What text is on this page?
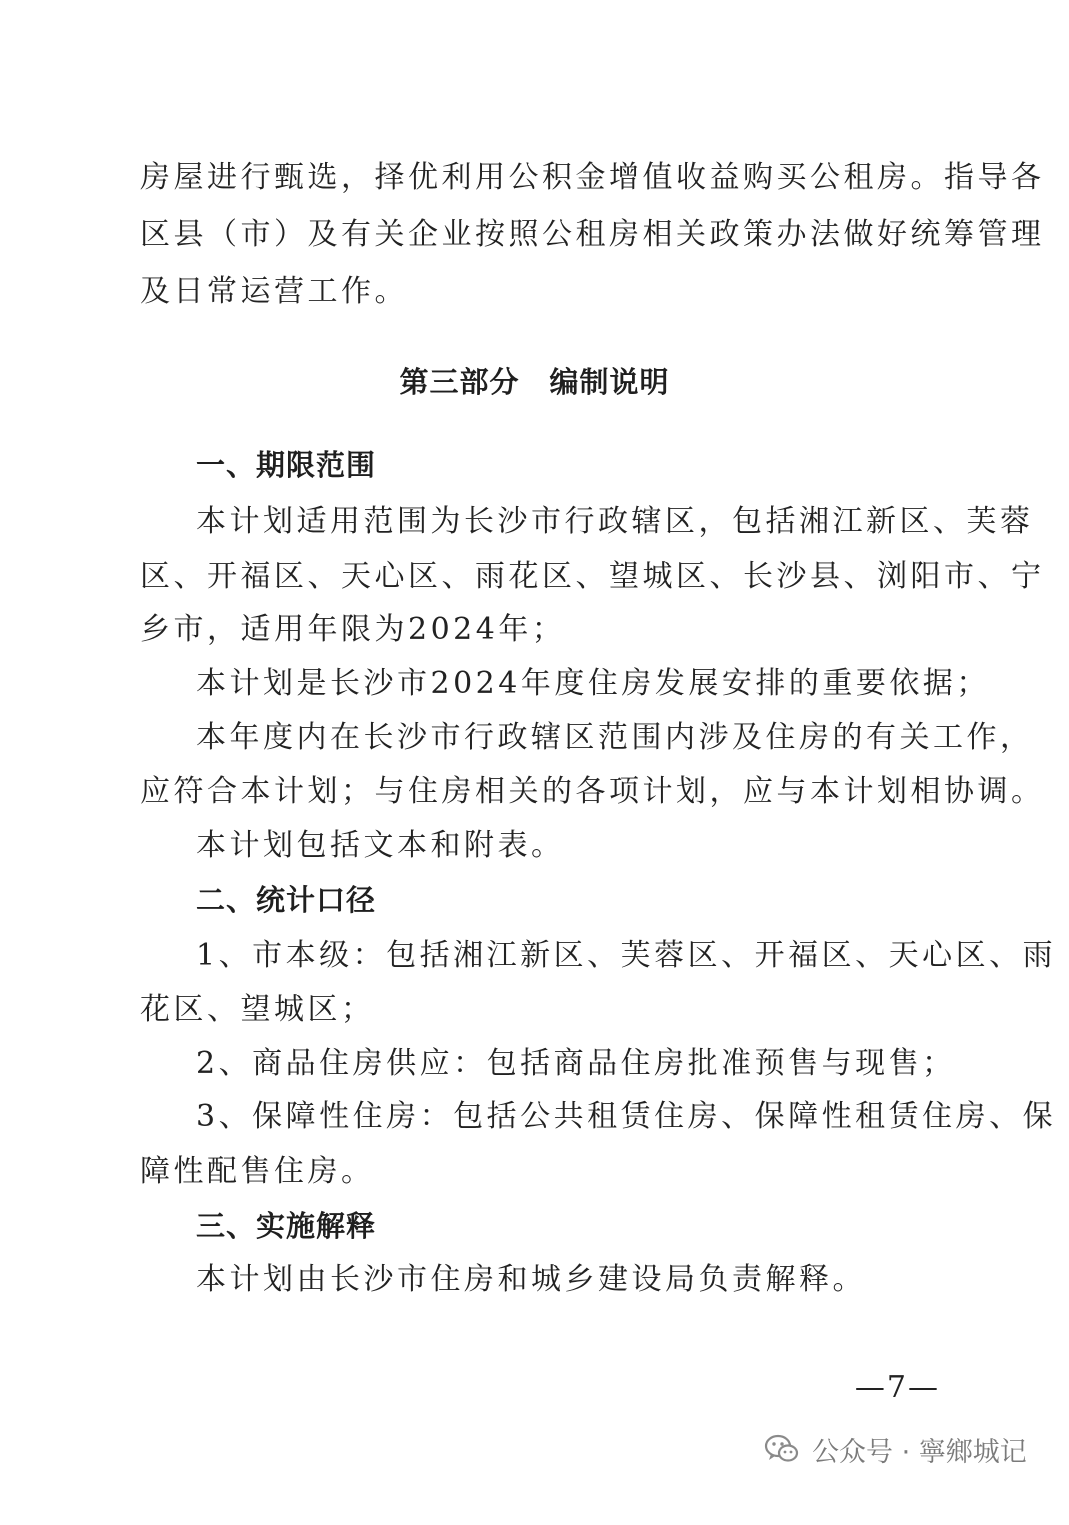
房屋进行甄选，择优利用公积金增值收益购买公租房。指导各
区县（市）及有关企业按照公租房相关政策办法做好统筹管理
及日常运营工作。
第三部分 编制说明
一、期限范围
本计划适用范围为长沙市行政辖区，包括湘江新区、芙蓉
区、开福区、天心区、雨花区、望城区、长沙县、浏阳市、宁
乡市，适用年限为2024年；
本计划是长沙市2024年度住房发展安排的重要依据；
本年度内在长沙市行政辖区范围内涉及住房的有关工作，
应符合本计划；与住房相关的各项计划，应与本计划相协调。
本计划包括文本和附表。
二、统计口径
1、市本级：包括湘江新区、芙蓉区、开福区、天心区、雨
花区、望城区；
2、商品住房供应：包括商品住房批准预售与现售；
3、保障性住房：包括公共租赁住房、保障性租赁住房、保
障性配售住房。
三、实施解释
本计划由长沙市住房和城乡建设局负责解释。
—7—
公众号 · 寧鄉城记
